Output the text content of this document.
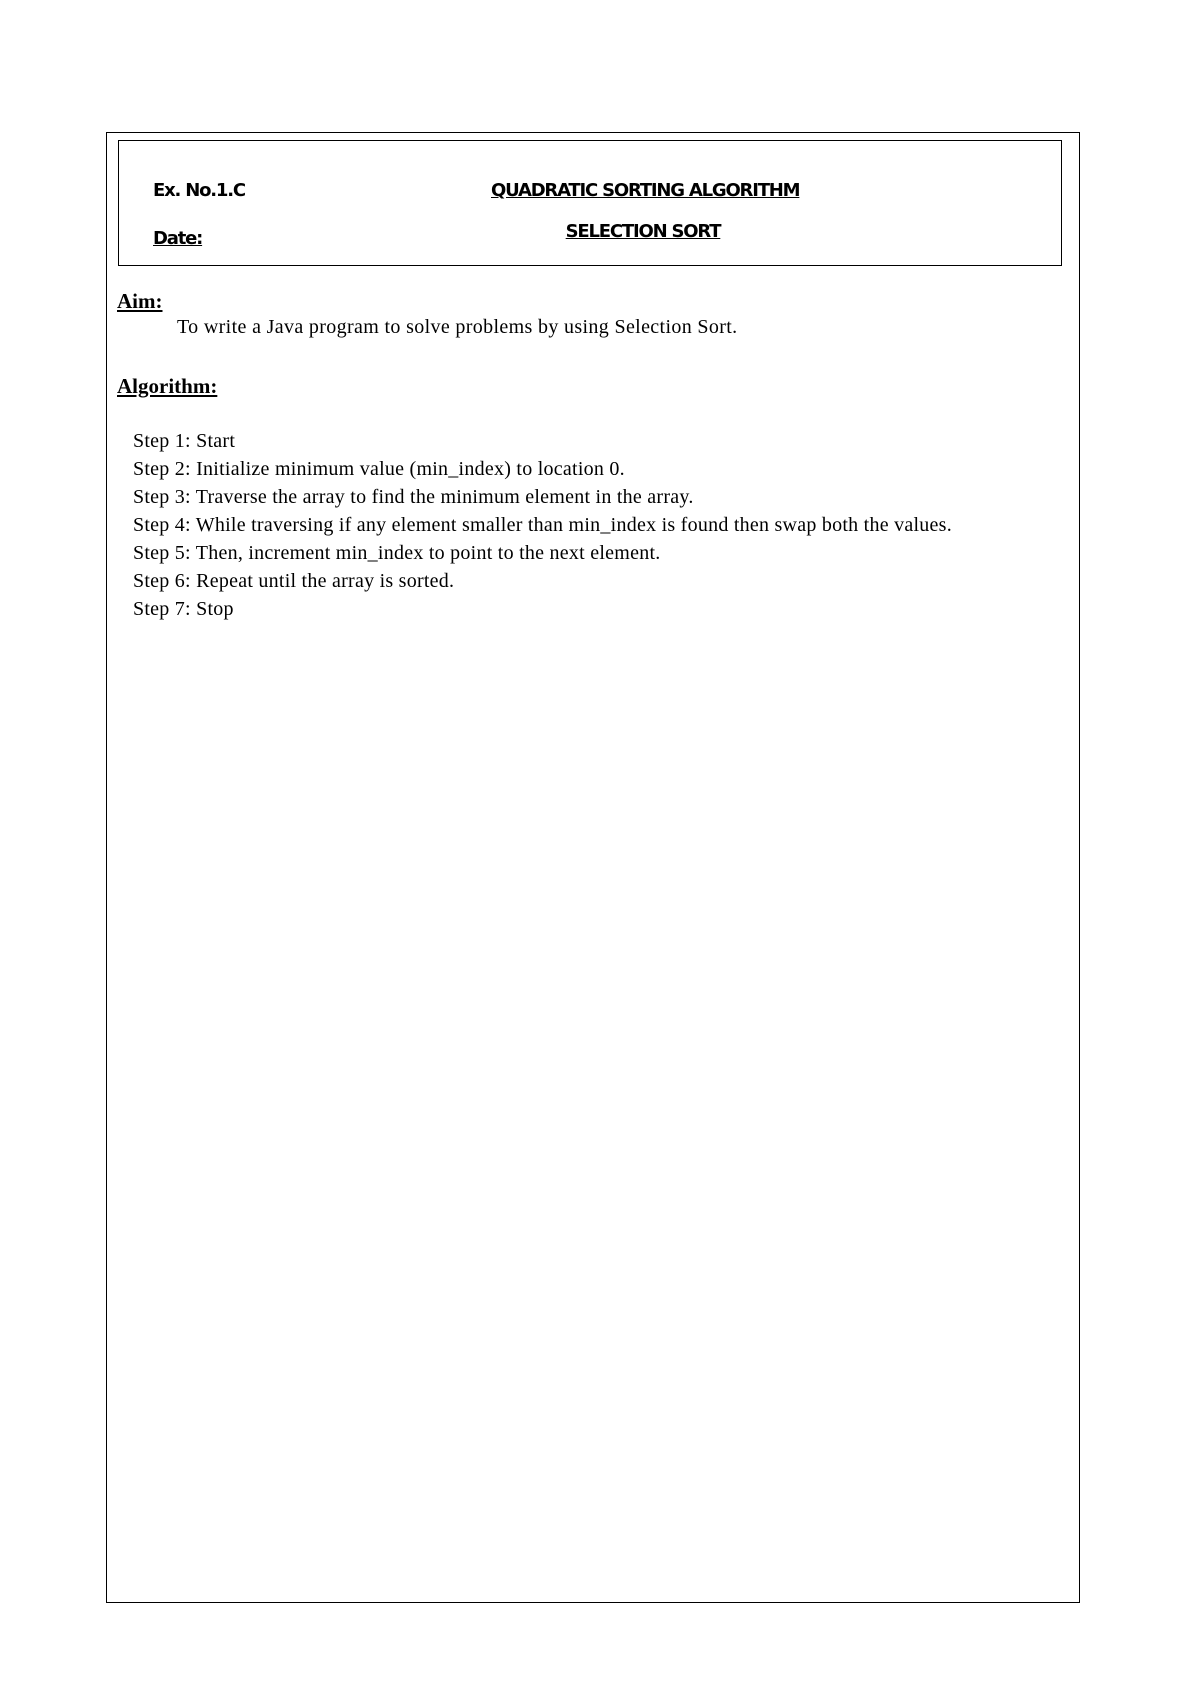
Ex. No.1.C
Date:
QUADRATIC SORTING ALGORITHM
SELECTION SORT
Aim:
To write a Java program to solve problems by using Selection Sort.
Algorithm:
Step 1: Start
Step 2: Initialize minimum value (min_index) to location 0.
Step 3: Traverse the array to find the minimum element in the array.
Step 4: While traversing if any element smaller than min_index is found then swap both the values.
Step 5: Then, increment min_index to point to the next element.
Step 6: Repeat until the array is sorted.
Step 7: Stop
